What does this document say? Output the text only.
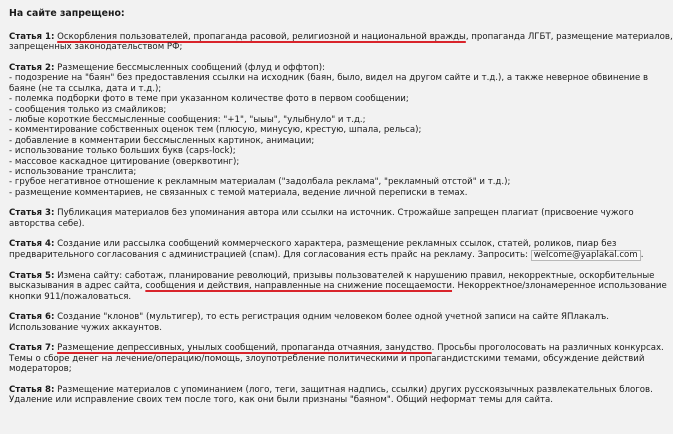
На сайте запрещено:
Статья 1: Оскорбления пользователей, пропаганда расовой, религиозной и национальной вражды, пропаганда ЛГБТ, размещение материалов,
запрещенных законодательством РФ;
Статья 2: Размещение бессмысленных сообщений (флуд и оффтоп):
- подозрение на "баян" без предоставления ссылки на исходник (баян, было, видел на другом сайте и т.д.), а также неверное обвинение в
баяне (не та ссылка, дата и т.д.);
- полемка подборки фото в теме при указанном количестве фото в первом сообщении;
- сообщения только из смайликов;
- любые короткие бессмысленные сообщения: "+1", "ыыы", "улыбнуло" и т.д.;
- комментирование собственных оценок тем (плюсую, минусую, крестую, шпала, рельса);
- добавление в комментарии бессмысленных картинок, анимации;
- использование только больших букв (caps-lock);
- массовое каскадное цитирование (оверквотинг);
- использование транслита;
- грубое негативное отношение к рекламным материалам ("задолбала реклама", "рекламный отстой" и т.д.);
- размещение комментариев, не связанных с темой материала, ведение личной переписки в темах.
Статья 3: Публикация материалов без упоминания автора или ссылки на источник. Строжайше запрещен плагиат (присвоение чужого
авторства себе).
Статья 4: Создание или рассылка сообщений коммерческого характера, размещение рекламных ссылок, статей, роликов, пиар без
предварительного согласования с администрацией (спам). Для согласования есть прайс на рекламу. Запросить: welcome@yaplakal.com .
Статья 5: Измена сайту: саботаж, планирование революций, призывы пользователей к нарушению правил, некорректные, оскорбительные
высказывания в адрес сайта, сообщения и действия, направленные на снижение посещаемости. Некорректное/злонамеренное использование
кнопки 911/пожаловаться.
Статья 6: Создание "клонов" (мультигер), то есть регистрация одним человеком более одной учетной записи на сайте ЯПлакалъ.
Использование чужих аккаунтов.
Статья 7: Размещение депрессивных, унылых сообщений, пропаганда отчаяния, занудство. Просьбы проголосовать на различных конкурсах.
Темы о сборе денег на лечение/операцию/помощь, злоупотребление политическими и пропагандистскими темами, обсуждение действий
модераторов;
Статья 8: Размещение материалов с упоминанием (лого, теги, защитная надпись, ссылки) других русскоязычных развлекательных блогов.
Удаление или исправление своих тем после того, как они были признаны "баяном". Общий неформат темы для сайта.
